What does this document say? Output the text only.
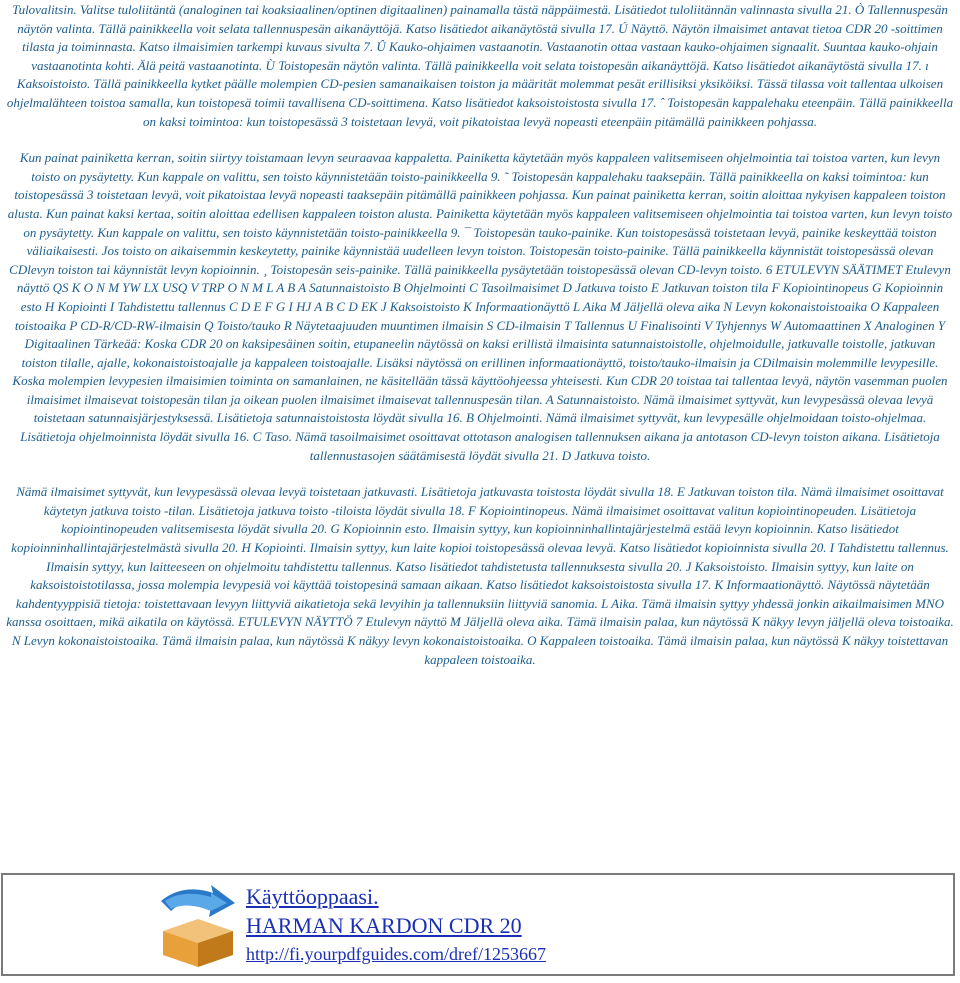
Tulovalitsin. Valitse tuloliitäntä (analoginen tai koaksiaalinen/optinen digitaalinen) painamalla tästä näppäimestä. Lisätiedot tuloliitännän valinnasta sivulla 21. Ò Tallennuspesän näytön valinta. Tällä painikkeella voit selata tallennuspesän aikanäyttöjä. Katso lisätiedot aikanäytöstä sivulla 17. Ú Näyttö. Näytön ilmaisimet antavat tietoa CDR 20 -soittimen tilasta ja toiminnasta. Katso ilmaisimien tarkempi kuvaus sivulta 7. Û Kauko-ohjaimen vastaanotin. Vastaanotin ottaa vastaan kauko-ohjaimen signaalit. Suuntaa kauko-ohjain vastaanotinta kohti. Älä peitä vastaanotinta. Ù Toistopesän näytön valinta. Tällä painikkeella voit selata toistopesän aikanäyttöjä. Katso lisätiedot aikanäytöstä sivulla 17. ı Kaksoistoisto. Tällä painikkeella kytket päälle molempien CD-pesien samanaikaisen toiston ja määrität molemmat pesät erillisiksi yksiköiksi. Tässä tilassa voit tallentaa ulkoisen ohjelmalähteen toistoa samalla, kun toistopesä toimii tavallisena CD-soittimena. Katso lisätiedot kaksoistoistosta sivulla 17. ˆ Toistopesän kappalehaku eteenpäin. Tällä painikkeella on kaksi toimintoa: kun toistopesässä 3 toistetaan levyä, voit pikatoistaa levyä nopeasti eteenpäin pitämällä painikkeen pohjassa.

Kun painat painiketta kerran, soitin siirtyy toistamaan levyn seuraavaa kappaletta. Painiketta käytetään myös kappaleen valitsemiseen ohjelmointia tai toistoa varten, kun levyn toisto on pysäytetty. Kun kappale on valittu, sen toisto käynnistetään toisto-painikkeella 9. ˜ Toistopesän kappalehaku taaksepäin. Tällä painikkeella on kaksi toimintoa: kun toistopesässä 3 toistetaan levyä, voit pikatoistaa levyä nopeasti taaksepäin pitämällä painikkeen pohjassa. Kun painat painiketta kerran, soitin aloittaa nykyisen kappaleen toiston alusta. Kun painat kaksi kertaa, soitin aloittaa edellisen kappaleen toiston alusta. Painiketta käytetään myös kappaleen valitsemiseen ohjelmointia tai toistoa varten, kun levyn toisto on pysäytetty. Kun kappale on valittu, sen toisto käynnistetään toisto-painikkeella 9. ¯ Toistopesän tauko-painike. Kun toistopesässä toistetaan levyä, painike keskeyttää toiston väliaikaisesti. Jos toisto on aikaisemmin keskeytetty, painike käynnistää uudelleen levyn toiston. Toistopesän toisto-painike. Tällä painikkeella käynnistät toistopesässä olevan CDlevyn toiston tai käynnistät levyn kopioinnin. ¸ Toistopesän seis-painike. Tällä painikkeella pysäytetään toistopesässä olevan CD-levyn toisto. 6 ETULEVYN SÄÄTIMET Etulevyn näyttö QS K O N M YW LX USQ V TRP O N M L A B A Satunnaistoisto B Ohjelmointi C Tasoilmaisimet D Jatkuva toisto E Jatkuvan toiston tila F Kopiointinopeus G Kopioinnin esto H Kopiointi I Tahdistettu tallennus C D E F G I HJ A B C D EK J Kaksoistoisto K Informaationäyttö L Aika M Jäljellä oleva aika N Levyn kokonaistoistoaika O Kappaleen toistoaika P CD-R/CD-RW-ilmaisin Q Toisto/tauko R Näytetaajuuden muuntimen ilmaisin S CD-ilmaisin T Tallennus U Finalisointi V Tyhjennys W Automaattinen X Analoginen Y Digitaalinen Tärkeää: Koska CDR 20 on kaksipesäinen soitin, etupaneelin näytössä on kaksi erillistä ilmaisinta satunnaistoistolle, ohjelmoidulle, jatkuvalle toistolle, jatkuvan toiston tilalle, ajalle, kokonaistoistoajalle ja kappaleen toistoajalle. Lisäksi näytössä on erillinen informaationäyttö, toisto/tauko-ilmaisin ja CDilmaisin molemmille levypesille. Koska molempien levypesien ilmaisimien toiminta on samanlainen, ne käsitellään tässä käyttöohjeessa yhteisesti. Kun CDR 20 toistaa tai tallentaa levyä, näytön vasemman puolen ilmaisimet ilmaisevat toistopesän tilan ja oikean puolen ilmaisimet ilmaisevat tallennuspesän tilan. A Satunnaistoisto. Nämä ilmaisimet syttyvät, kun levypesässä olevaa levyä toistetaan satunnaisjärjestyksessä. Lisätietoja satunnaistoistosta löydät sivulla 16. B Ohjelmointi. Nämä ilmaisimet syttyvät, kun levypesälle ohjelmoidaan toisto-ohjelmaa. Lisätietoja ohjelmoinnista löydät sivulla 16. C Taso. Nämä tasoilmaisimet osoittavat ottotason analogisen tallennuksen aikana ja antotason CD-levyn toiston aikana. Lisätietoja tallennustasojen säätämisestä löydät sivulla 21. D Jatkuva toisto.

Nämä ilmaisimet syttyvät, kun levypesässä olevaa levyä toistetaan jatkuvasti. Lisätietoja jatkuvasta toistosta löydät sivulla 18. E Jatkuvan toiston tila. Nämä ilmaisimet osoittavat käytetyn jatkuva toisto -tilan. Lisätietoja jatkuva toisto -tiloista löydät sivulla 18. F Kopiointinopeus. Nämä ilmaisimet osoittavat valitun kopiointinopeuden. Lisätietoja kopiointinopeuden valitsemisesta löydät sivulla 20. G Kopioinnin esto. Ilmaisin syttyy, kun kopioinninhallintajärjestelmä estää levyn kopioinnin. Katso lisätiedot kopioinninhallintajärjestelmästä sivulla 20. H Kopiointi. Ilmaisin syttyy, kun laite kopioi toistopesässä olevaa levyä. Katso lisätiedot kopioinnista sivulla 20. I Tahdistettu tallennus. Ilmaisin syttyy, kun laitteeseen on ohjelmoitu tahdistettu tallennus. Katso lisätiedot tahdistetusta tallennuksesta sivulla 20. J Kaksoistoisto. Ilmaisin syttyy, kun laite on kaksoistoistotilassa, jossa molempia levypesiä voi käyttää toistopesinä samaan aikaan. Katso lisätiedot kaksoistoistosta sivulla 17. K Informaationäyttö. Näytössä näytetään kahdentyyppisiä tietoja: toistettavaan levyyn liittyviä aikatietoja sekä levyihin ja tallennuksiin liittyviä sanomia. L Aika. Tämä ilmaisin syttyy yhdessä jonkin aikailmaisimen MNO kanssa osoittaen, mikä aikatila on käytössä. ETULEVYN NÄYTTÖ 7 Etulevyn näyttö M Jäljellä oleva aika. Tämä ilmaisin palaa, kun näytössä K näkyy levyn jäljellä oleva toistoaika. N Levyn kokonaistoistoaika. Tämä ilmaisin palaa, kun näytössä K näkyy levyn kokonaistoistoaika. O Kappaleen toistoaika. Tämä ilmaisin palaa, kun näytössä K näkyy toistettavan kappaleen toistoaika.

Käyttöoppaasi.
HARMAN KARDON CDR 20
http://fi.yourpdfguides.com/dref/1253667
